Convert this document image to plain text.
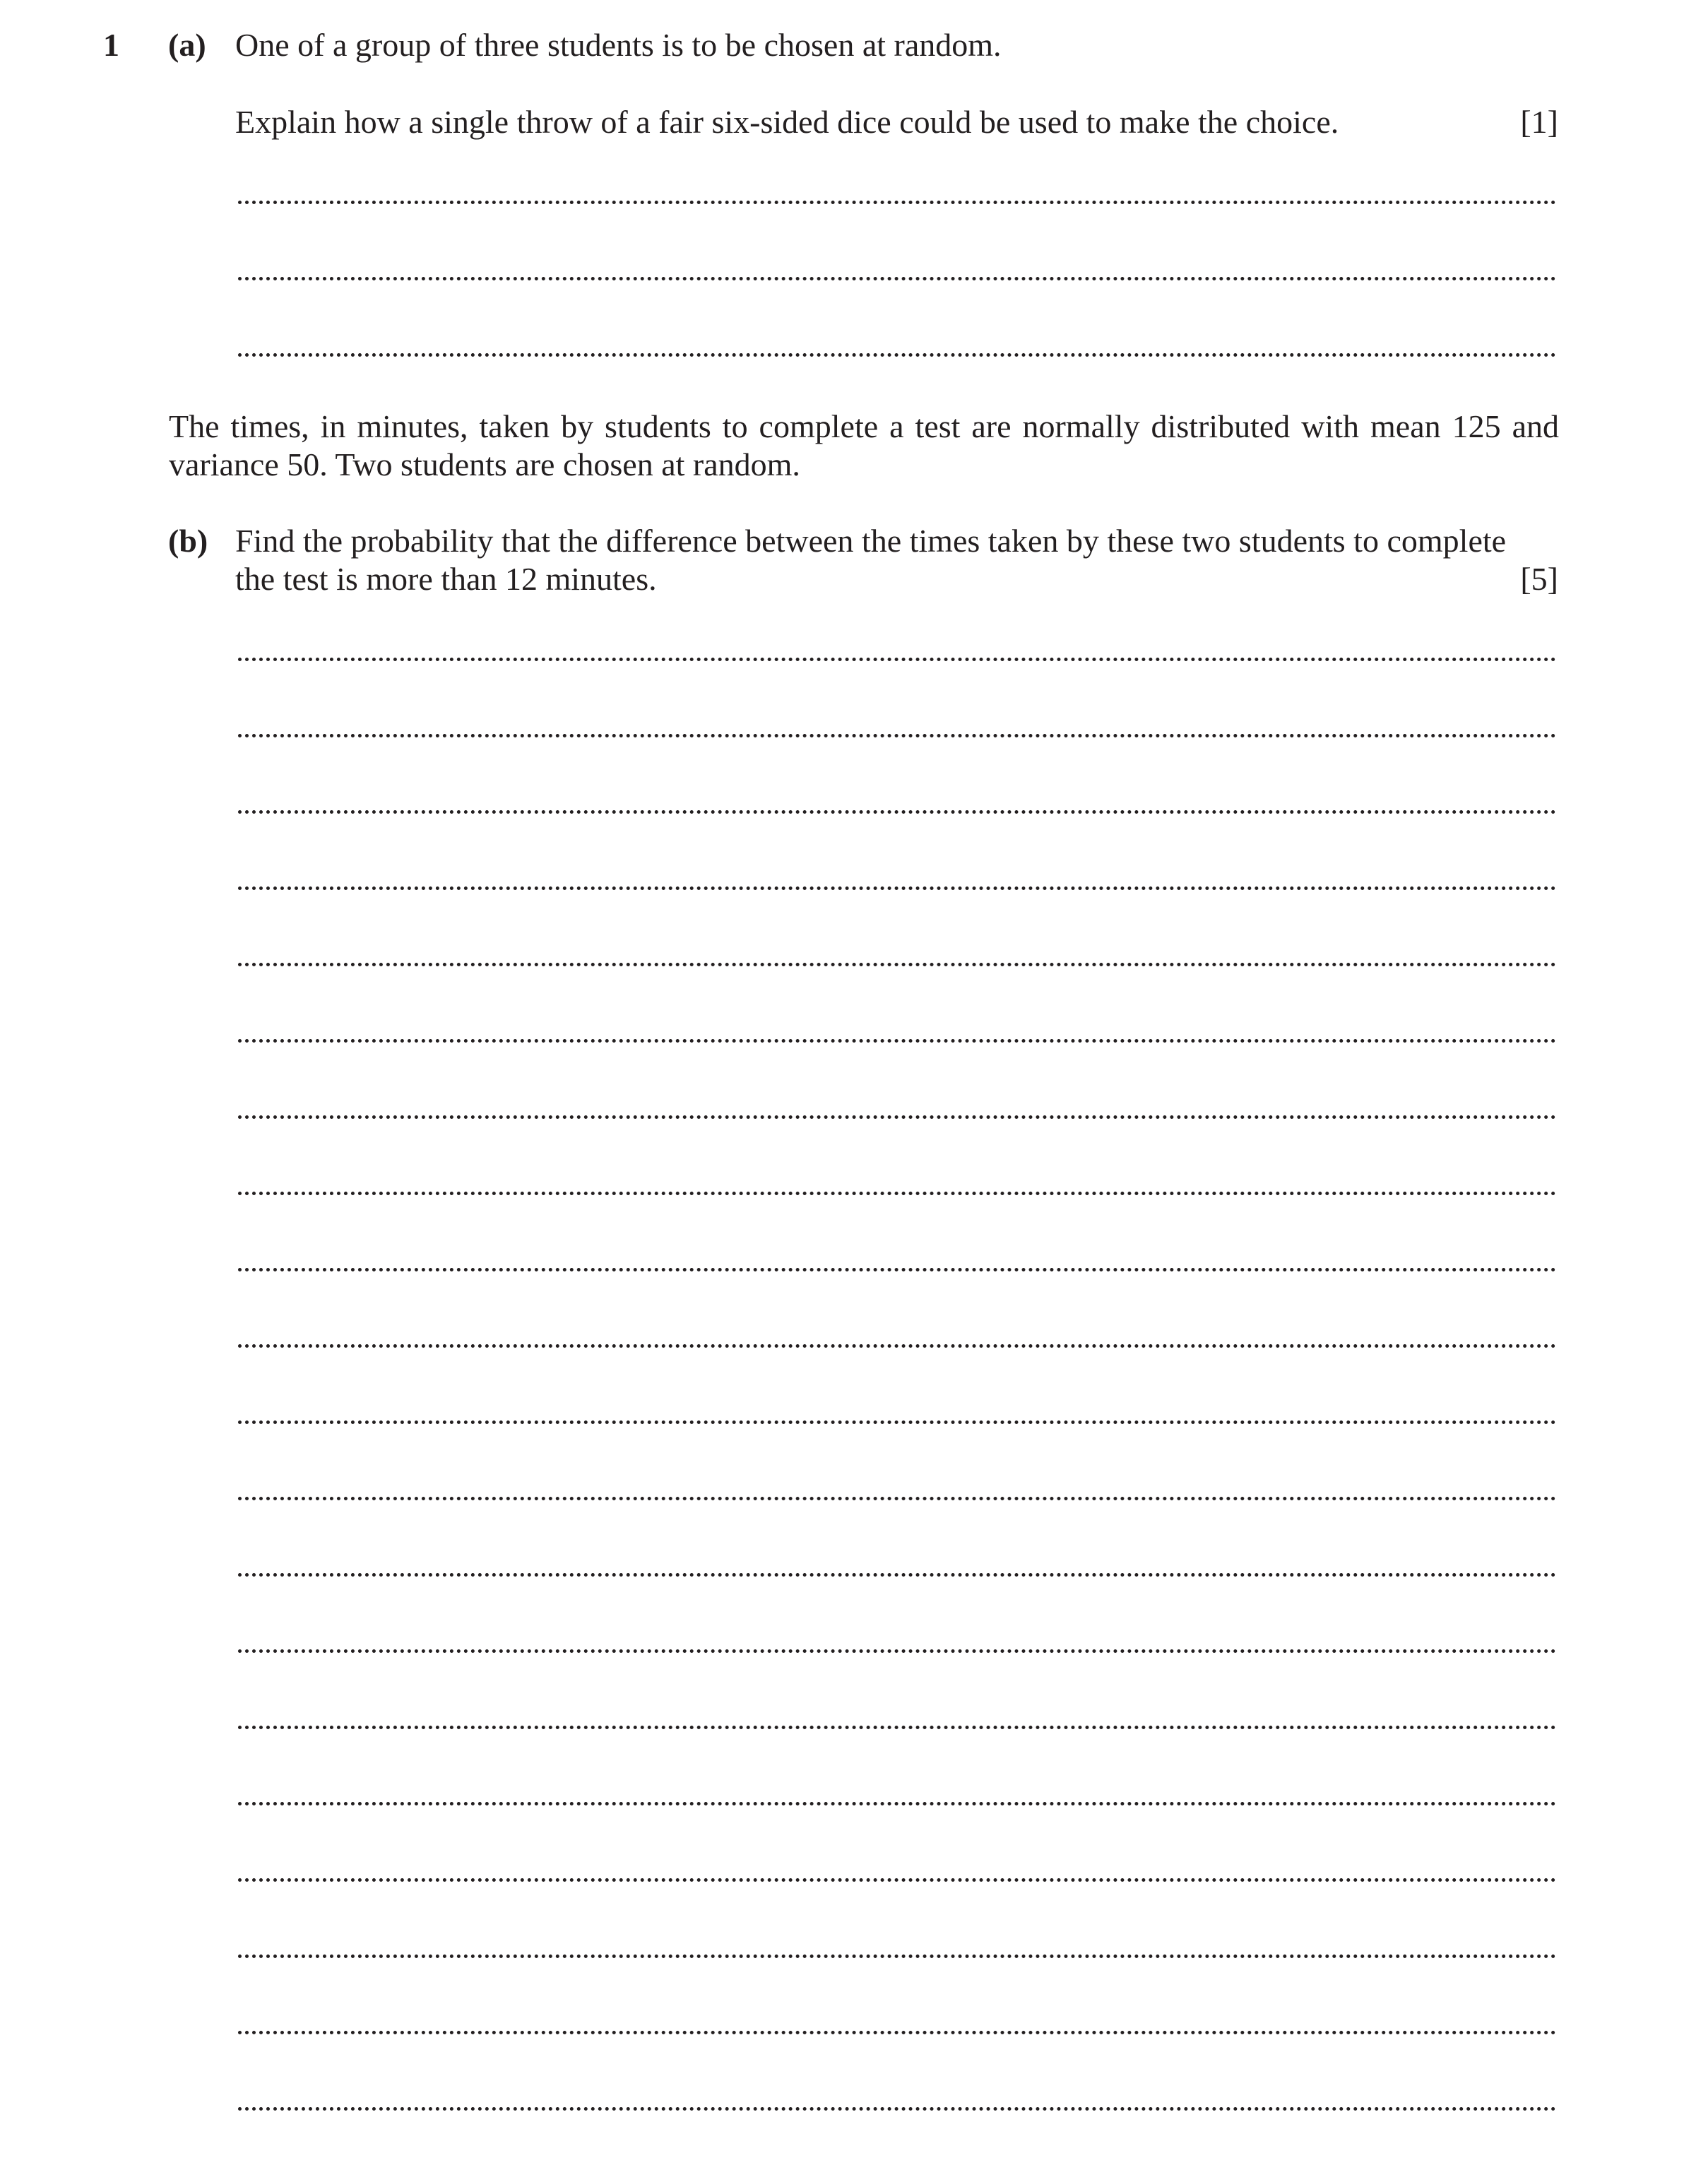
1 (a) One of a group of three students is to be chosen at random.
Explain how a single throw of a fair six-sided dice could be used to make the choice.	[1]
The times, in minutes, taken by students to complete a test are normally distributed with mean 125 and variance 50. Two students are chosen at random.
(b) Find the probability that the difference between the times taken by these two students to complete
the test is more than 12 minutes.	[5]
